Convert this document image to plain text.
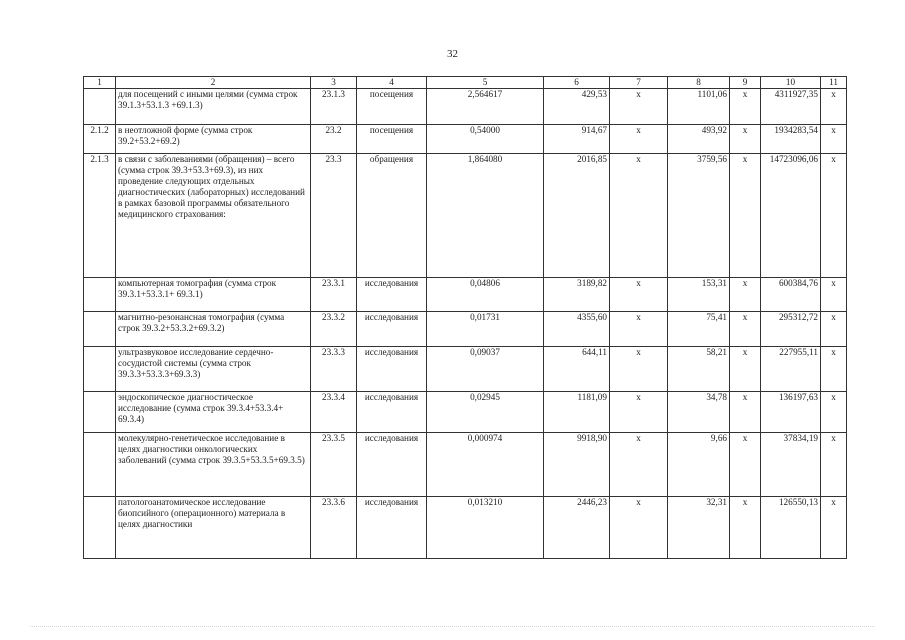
32
1	2	3	4	5	6	7	8	9	10	11
	для посещений с иными целями (сумма строк 39.1.3+53.1.3 +69.1.3)	23.1.3	посещения	2,564617	429,53	х	1101,06	х	4311927,35	х
2.1.2	в неотложной форме (сумма строк 39.2+53.2+69.2)	23.2	посещения	0,54000	914,67	х	493,92	х	1934283,54	х
2.1.3	в связи с заболеваниями (обращения) – всего (сумма строк 39.3+53.3+69.3), из них проведение следующих отдельных диагностических (лабораторных) исследований в рамках базовой программы обязательного медицинского страхования:	23.3	обращения	1,864080	2016,85	х	3759,56	х	14723096,06	х
	компьютерная томография (сумма строк 39.3.1+53.3.1+ 69.3.1)	23.3.1	исследования	0,04806	3189,82	х	153,31	х	600384,76	х
	магнитно-резонансная томография (сумма строк 39.3.2+53.3.2+69.3.2)	23.3.2	исследования	0,01731	4355,60	х	75,41	х	295312,72	х
	ультразвуковое исследование сердечно-сосудистой системы (сумма строк 39.3.3+53.3.3+69.3.3)	23.3.3	исследования	0,09037	644,11	х	58,21	х	227955,11	х
	эндоскопическое диагностическое исследование (сумма строк 39.3.4+53.3.4+ 69.3.4)	23.3.4	исследования	0,02945	1181,09	х	34,78	х	136197,63	х
	молекулярно-генетическое исследование в целях диагностики онкологических заболеваний (сумма строк 39.3.5+53.3.5+69.3.5)	23.3.5	исследования	0,000974	9918,90	х	9,66	х	37834,19	х
	патологоанатомическое исследование биопсийного (операционного) материала в целях диагностики	23.3.6	исследования	0,013210	2446,23	х	32,31	х	126550,13	х
